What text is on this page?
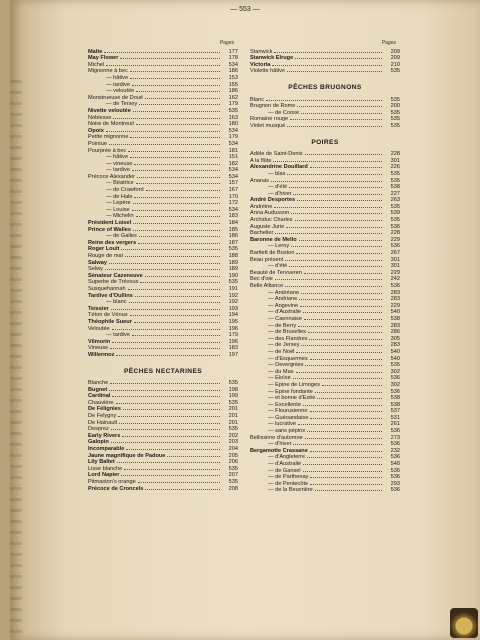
— 553 —
Pages
Malte	177
May Flower	178
Michel	534
Mignonne à bec	186
— hâtive	153
— tardive	155
— veloutée	186
Monstrueuse de Doué	162
— de Tersey	179
Nivette veloutée	535
Noblesse	163
Noire de Montreuil	180
Opoix	534
Petite mignonne	179
Pointue	534
Pourprée à bec	181
— hâtive	151
— vineuse	182
— tardive	534
Précoce Alexander	534
— Béatrice	157
— de Crawford	167
— de Hale	170
— Lepère	172
— Louise	534
— Michelin	183
Président Loisel	184
Prince of Walles	185
— de Galles	186
Reine des vergers	187
Roger Louit	535
Rouge de mai	188
Salway	189
Selwy	189
Sénateur Cazeneuve	190
Superbe de Trévoux	535
Susquehannah	191
Tardive d'Oullins	192
— blanc	192
Teissier	193
Téton de Vénus	194
Théophile Sueur	195
Veloutée	196
— tardive	179
Vilmorin	196
Vineuse	183
Willermoz	197
PÊCHES NECTARINES
Blanche	535
Bugnet	198
Cardinal	199
Chauvière	535
De Félignies	201
De Felygny	201
De Hainault	201
Desprez	535
Early Rivers	202
Galopin	203
Incomparable	204
Jaune magnifique de Padoue	205
Lily Baltet	206
Lisse blanche	535
Lord Napier	207
Pitmaston's orange	535
Précoce de Croncels	208
Pages
Stanwick	209
Stanwick Elruge	209
Victoria	210
Violette hâtive	535
PÊCHES BRUGNONS
Blanc	535
Brugnon de Rome	200
— de Coose	535
Romaine rouge	535
Violet musqué	535
POIRES
Adèle de Saint-Denis	228
A la flûte	301
Alexandrine Douillard	226
— blas	535
Ananas	535
— d'été	538
— d'hiver	227
André Desportes	263
Andréine	535
Anna Audusson	539
Archiduc Charles	535
Auguste Jurie	536
Bachelier	228
Baronne de Mello	229
— Leroy	536
Bartlett de Boston	267
Beau présent	301
— d'été	301
Beauté de Tervueren	229
Bec d'oie	242
Belle Alliance	536
— Andréane	283
— Andriane	283
— Angevine	229
— d'Australie	540
— Caennaise	538
— de Berry	283
— de Bruxelles	286
— des Flandres	305
— de Jersey	283
— de Noël	540
— d'Esquermes	540
— Devergnies	535
— du Mas	302
— Eloïse	536
— Epine de Limoges	302
— Epine fondante	536
— et bonne d'Ezée	538
— Excellente	538
— Flourusienne	537
— Guéoandaise	531
— lucrative	261
— sans pépins	536
Bellissime d'automne	273
— d'hiver	536
Bergamotte Crassane	232
— d'Angleterre	536
— d'Australie	540
— de Gansel	536
— de Parthenay	536
— de Pentecôte	293
— de la Beuvrière	536
